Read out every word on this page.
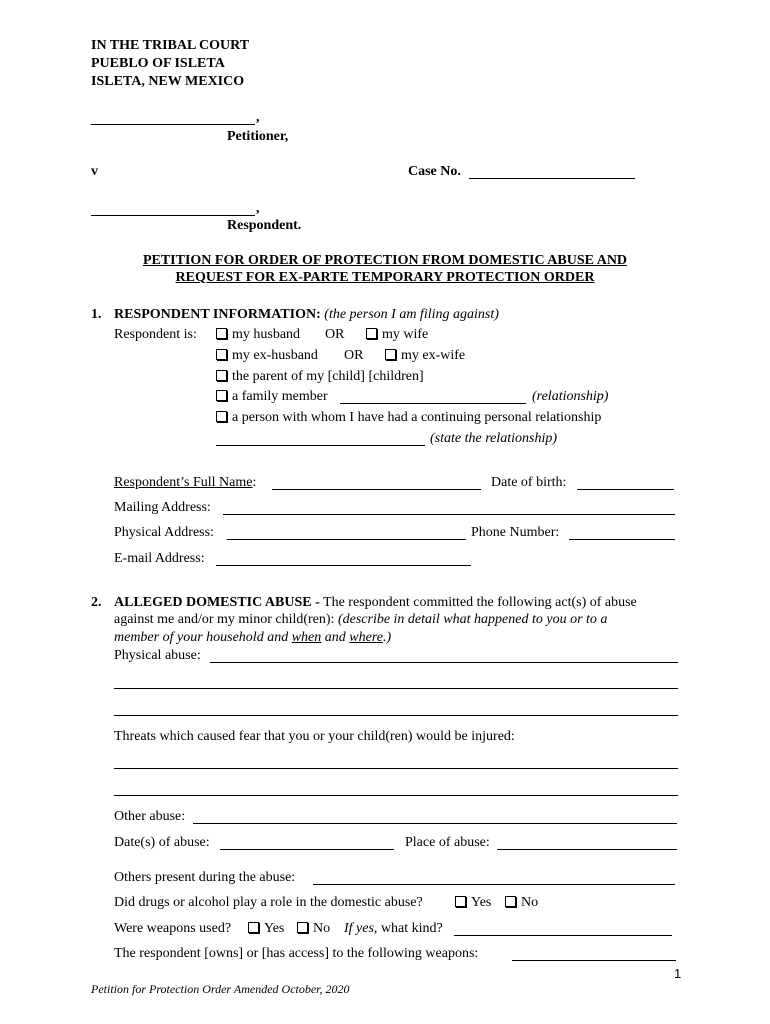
IN THE TRIBAL COURT
PUEBLO OF ISLETA
ISLETA, NEW MEXICO
,
Petitioner,
v	Case No.
,
Respondent.
PETITION FOR ORDER OF PROTECTION FROM DOMESTIC ABUSE AND
REQUEST FOR EX-PARTE TEMPORARY PROTECTION ORDER
1. RESPONDENT INFORMATION: (the person I am filing against)
Respondent is:	my husband OR	my wife
my ex-husband OR	my ex-wife
the parent of my [child] [children]
a family member	(relationship)
a person with whom I have had a continuing personal relationship
(state the relationship)
Respondent’s Full Name:	Date of birth:
Mailing Address:
Physical Address:	Phone Number:
E-mail Address:
2. ALLEGED DOMESTIC ABUSE - The respondent committed the following act(s) of abuse
against me and/or my minor child(ren): (describe in detail what happened to you or to a
member of your household and when and where.)
Physical abuse:
Threats which caused fear that you or your child(ren) would be injured:
Other abuse:
Date(s) of abuse:	Place of abuse:
Others present during the abuse:
Did drugs or alcohol play a role in the domestic abuse?	Yes	No
Were weapons used?	Yes	No If yes, what kind?
The respondent [owns] or [has access] to the following weapons:
1
Petition for Protection Order Amended October, 2020
